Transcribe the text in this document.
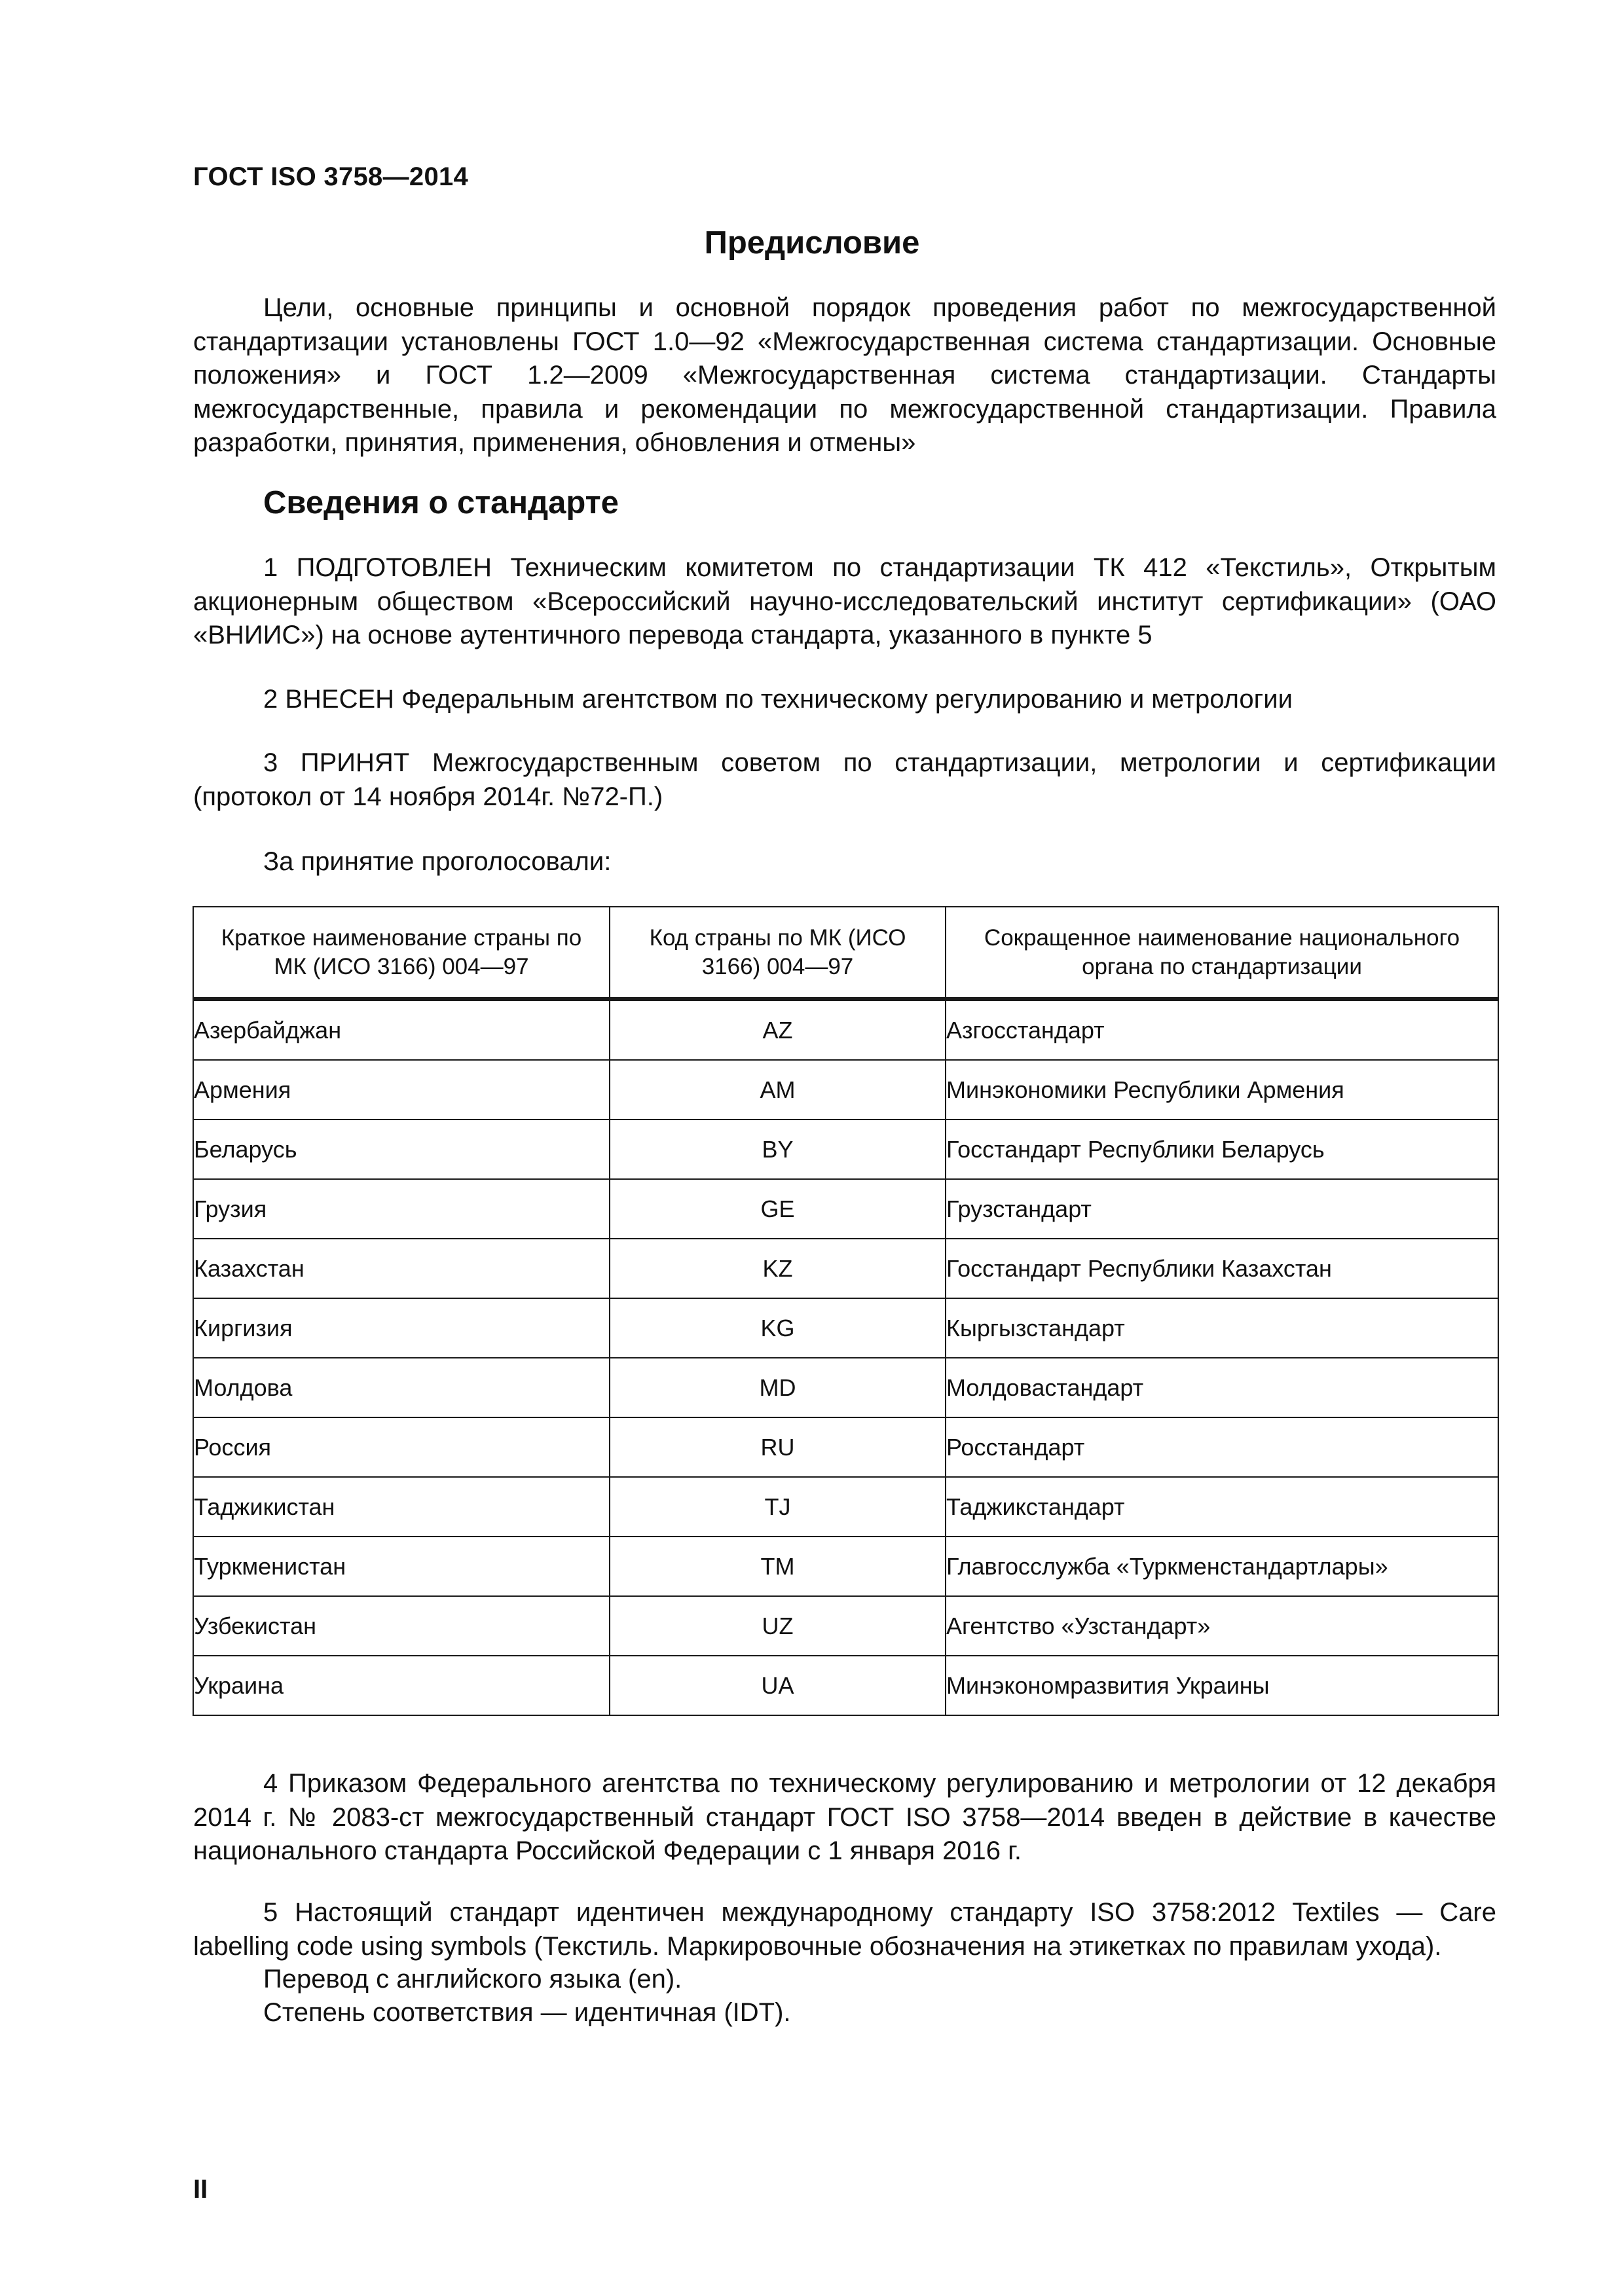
ГОСТ ISO 3758—2014
Предисловие

Цели, основные принципы и основной порядок проведения работ по межгосударственной стандартизации установлены ГОСТ 1.0—92 «Межгосударственная система стандартизации. Основные положения» и ГОСТ 1.2—2009 «Межгосударственная система стандартизации. Стандарты межгосударственные, правила и рекомендации по межгосударственной стандартизации. Правила разработки, принятия, применения, обновления и отмены»

Сведения о стандарте

1 ПОДГОТОВЛЕН Техническим комитетом по стандартизации ТК 412 «Текстиль», Открытым акционерным обществом «Всероссийский научно-исследовательский институт сертификации» (ОАО «ВНИИС») на основе аутентичного перевода стандарта, указанного в пункте 5

2 ВНЕСЕН Федеральным агентством по техническому регулированию и метрологии

3 ПРИНЯТ Межгосударственным советом по стандартизации, метрологии и сертификации (протокол от 14 ноября 2014г. №72-П.)

За принятие проголосовали:
Краткое наименование страны по МК (ИСО 3166) 004—97	Код страны по МК (ИСО 3166) 004—97	Сокращенное наименование национального органа по стандартизации
Азербайджан	AZ	Азгосстандарт
Армения	AM	Минэкономики Республики Армения
Беларусь	BY	Госстандарт Республики Беларусь
Грузия	GE	Грузстандарт
Казахстан	KZ	Госстандарт Республики Казахстан
Киргизия	KG	Кыргызстандарт
Молдова	MD	Молдовастандарт
Россия	RU	Росстандарт
Таджикистан	TJ	Таджикстандарт
Туркменистан	TM	Главгосслужба «Туркменстандартлары»
Узбекистан	UZ	Агентство «Узстандарт»
Украина	UA	Минэкономразвития Украины

4 Приказом Федерального агентства по техническому регулированию и метрологии от 12 декабря 2014 г. № 2083-ст межгосударственный стандарт ГОСТ ISO 3758—2014 введен в действие в качестве национального стандарта Российской Федерации с 1 января 2016 г.

5 Настоящий стандарт идентичен международному стандарту ISO 3758:2012 Textiles — Care labelling code using symbols (Текстиль. Маркировочные обозначения на этикетках по правилам ухода).

Перевод с английского языка (en).
Степень соответствия — идентичная (IDT).
II
